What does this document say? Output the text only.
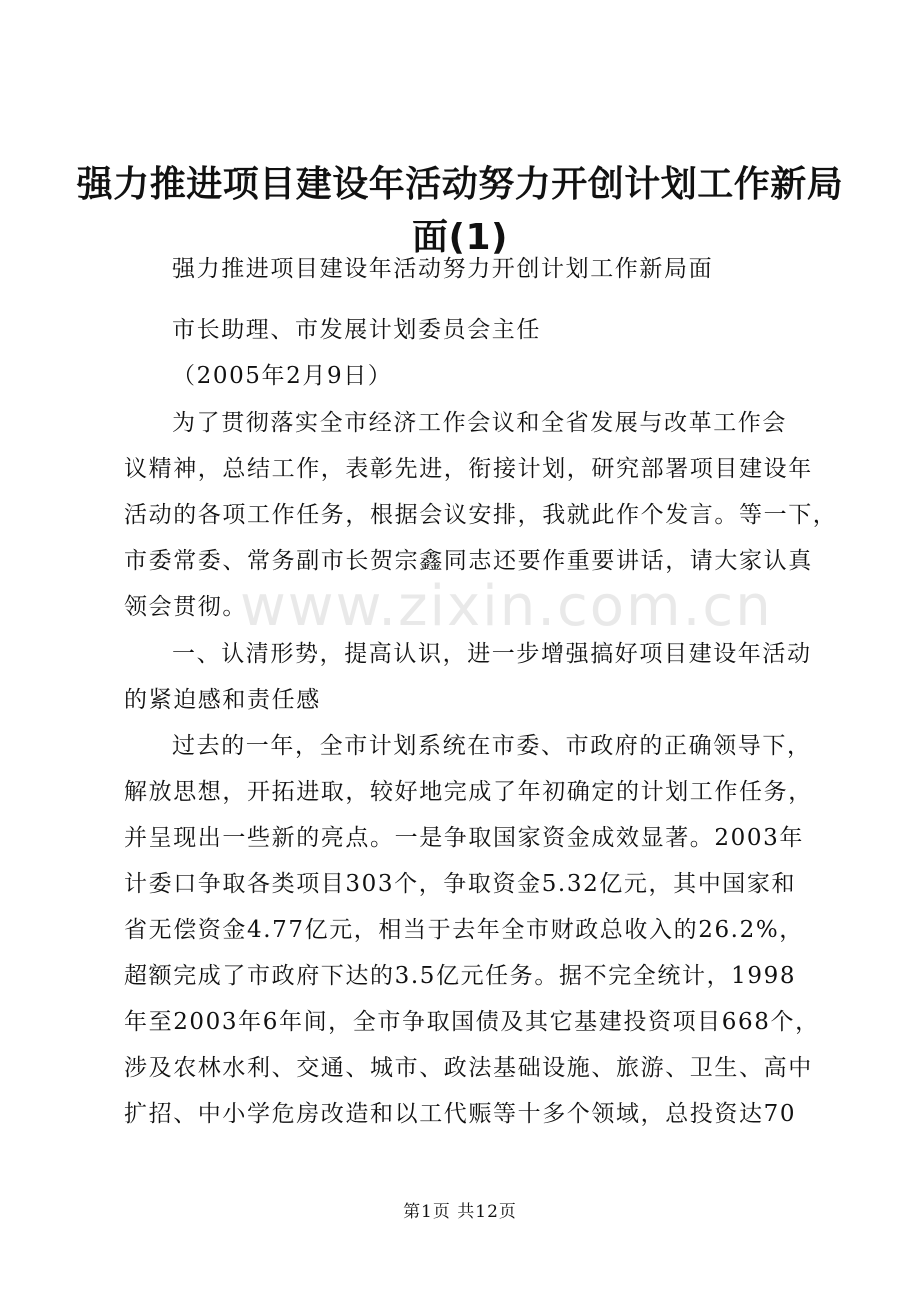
强力推进项目建设年活动努力开创计划工作新局面(1)
www.zixin.com.cn

强力推进项目建设年活动努力开创计划工作新局面

市长助理、市发展计划委员会主任

（2005年2月9日）

为了贯彻落实全市经济工作会议和全省发展与改革工作会

议精神，总结工作，表彰先进，衔接计划，研究部署项目建设年

活动的各项工作任务，根据会议安排，我就此作个发言。等一下，

市委常委、常务副市长贺宗鑫同志还要作重要讲话，请大家认真

领会贯彻。

一、认清形势，提高认识，进一步增强搞好项目建设年活动

的紧迫感和责任感

过去的一年，全市计划系统在市委、市政府的正确领导下，

解放思想，开拓进取，较好地完成了年初确定的计划工作任务，

并呈现出一些新的亮点。一是争取国家资金成效显著。2003年

计委口争取各类项目303个，争取资金5.32亿元，其中国家和

省无偿资金4.77亿元，相当于去年全市财政总收入的26.2%，

超额完成了市政府下达的3.5亿元任务。据不完全统计，1998

年至2003年6年间，全市争取国债及其它基建投资项目668个，

涉及农林水利、交通、城市、政法基础设施、旅游、卫生、高中

扩招、中小学危房改造和以工代赈等十多个领域，总投资达70

第1页 共12页
